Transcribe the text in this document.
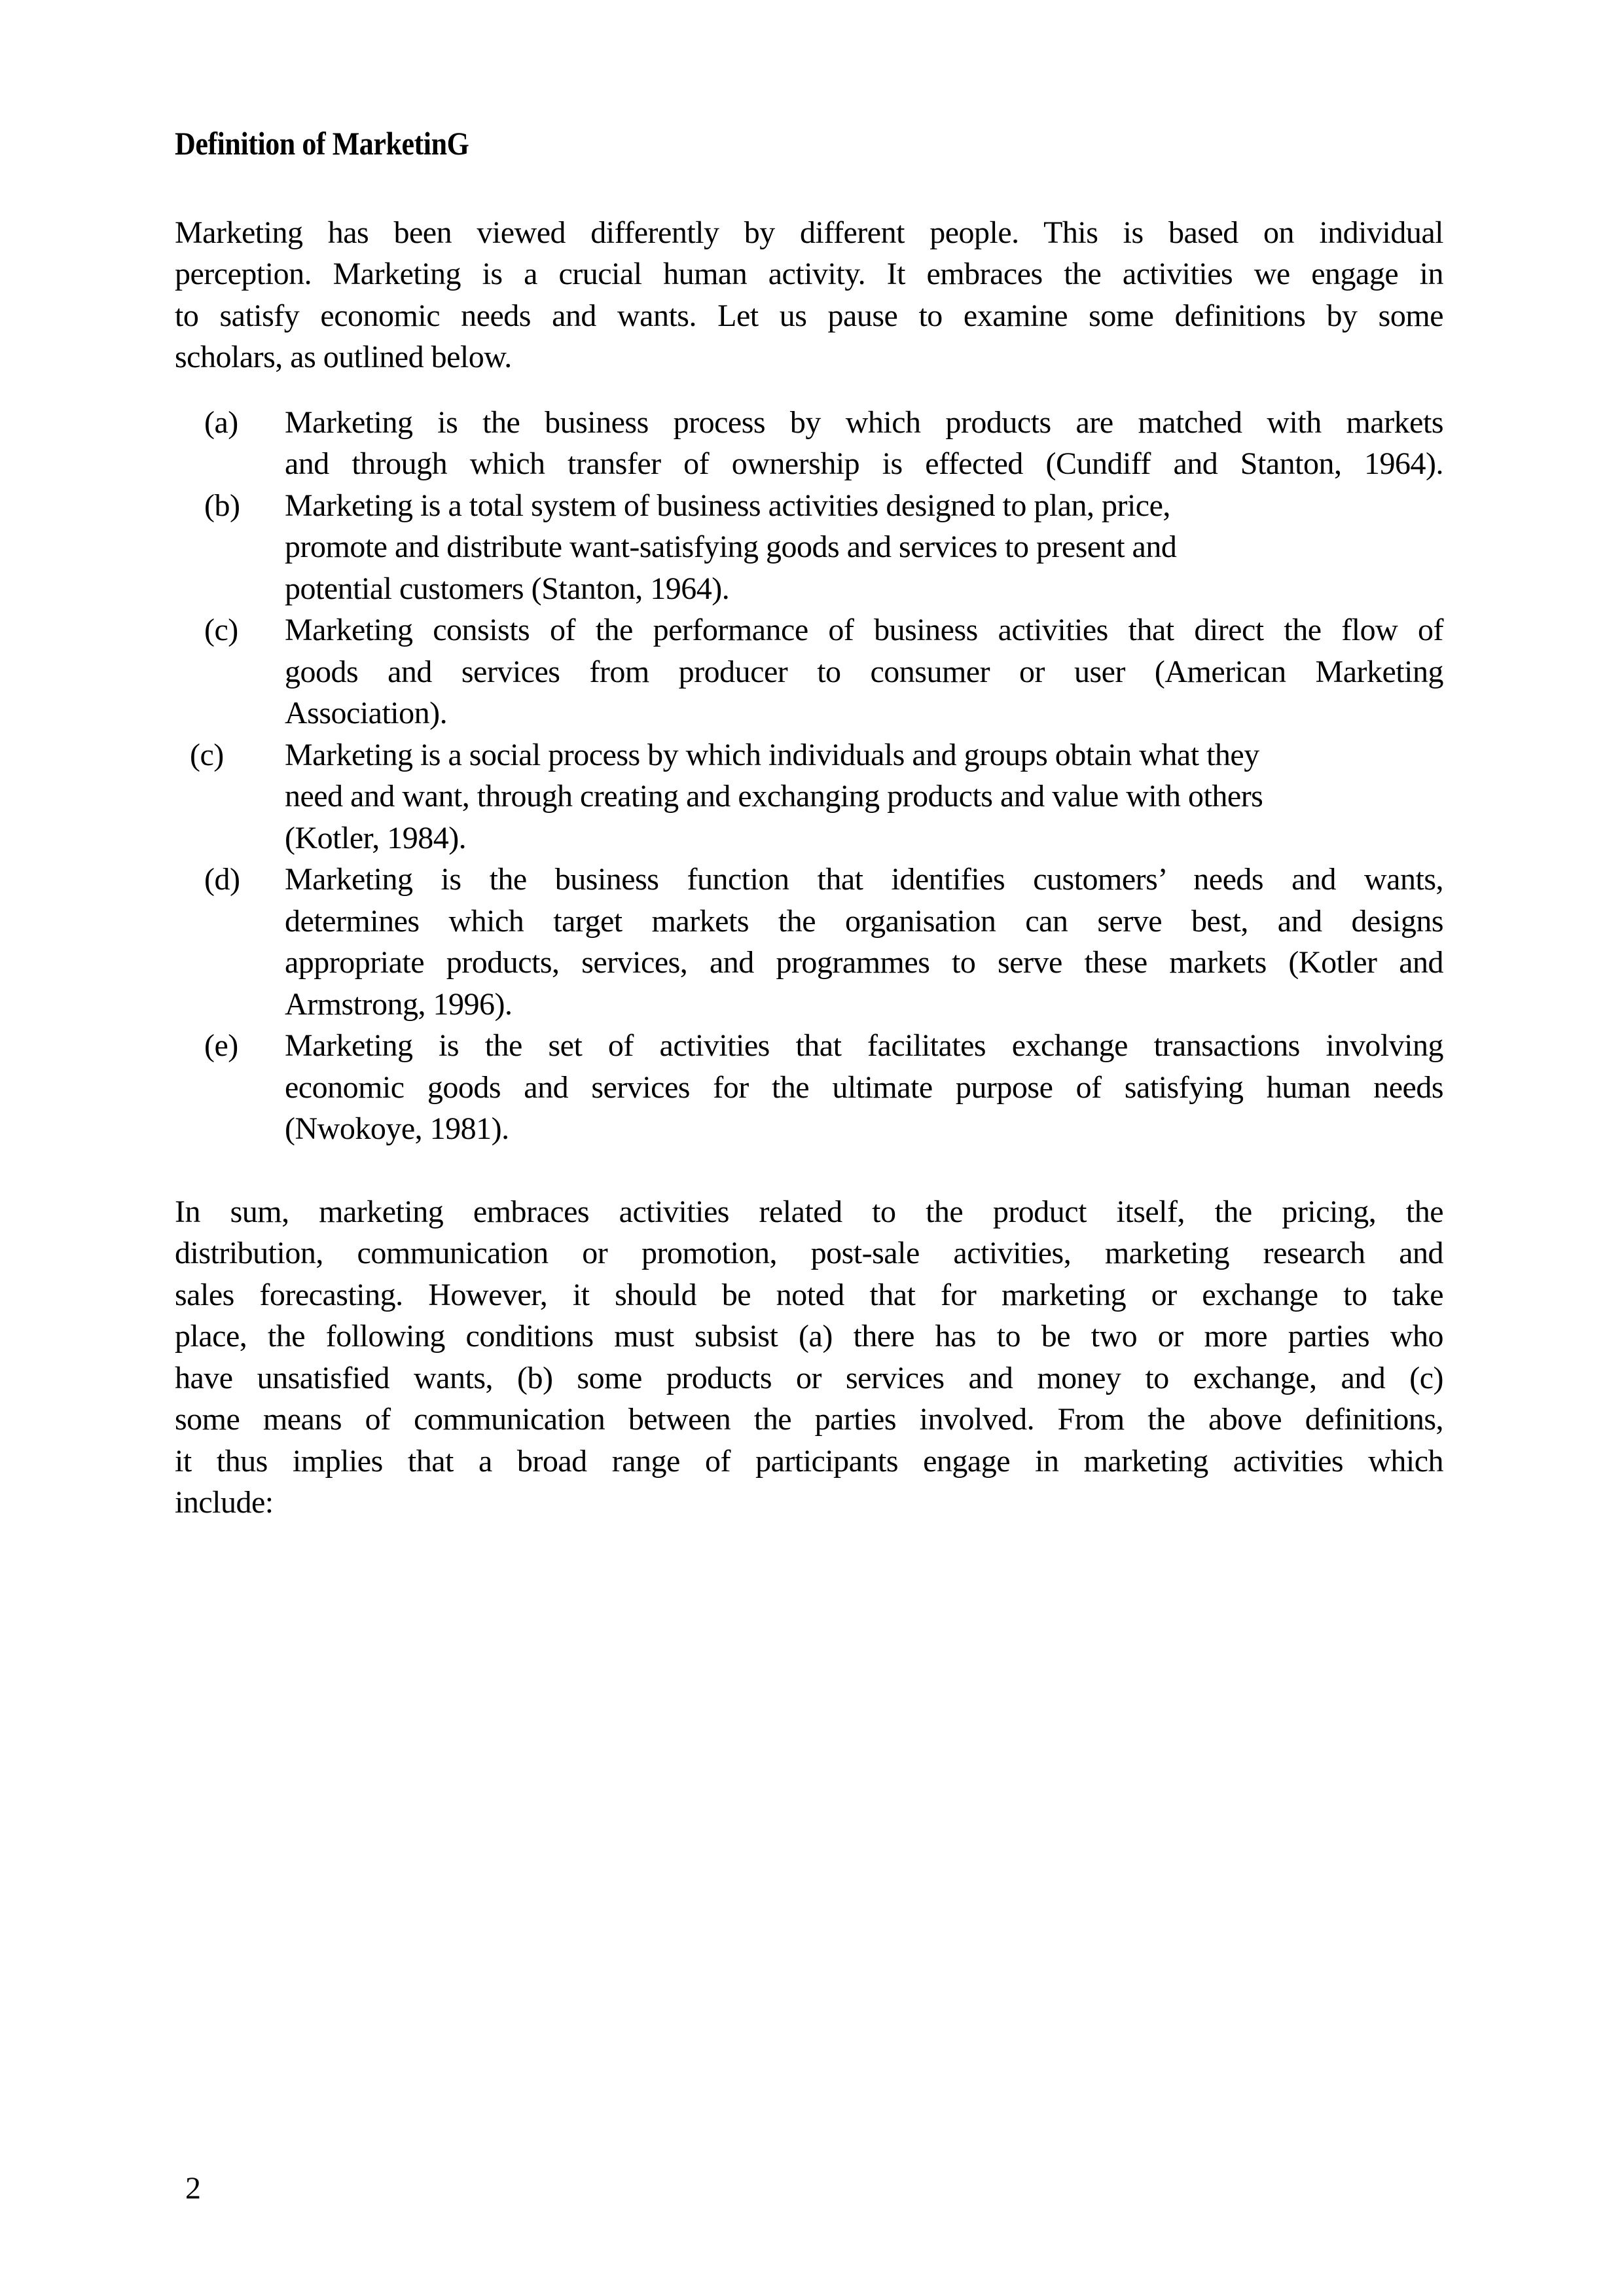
Definition of MarketinG
Marketing has been viewed differently by different people. This is based on individual
perception. Marketing is a crucial human activity. It embraces the activities we engage in
to satisfy economic needs and wants. Let us pause to examine some definitions by some
scholars, as outlined below.
(a)	Marketing is the business process by which products are matched with markets
and through which transfer of ownership is effected (Cundiff and Stanton, 1964).
(b)	Marketing is a total system of business activities designed to plan, price,
promote and distribute want-satisfying goods and services to present and
potential customers (Stanton, 1964).
(c)	Marketing consists of the performance of business activities that direct the flow of
goods and services from producer to consumer or user (American Marketing
Association).
(c)	Marketing is a social process by which individuals and groups obtain what they
need and want, through creating and exchanging products and value with others
(Kotler, 1984).
(d)	Marketing is the business function that identifies customers’ needs and wants,
determines which target markets the organisation can serve best, and designs
appropriate products, services, and programmes to serve these markets (Kotler and
Armstrong, 1996).
(e)	Marketing is the set of activities that facilitates exchange transactions involving
economic goods and services for the ultimate purpose of satisfying human needs
(Nwokoye, 1981).
In sum, marketing embraces activities related to the product itself, the pricing, the
distribution, communication or promotion, post-sale activities, marketing research and
sales forecasting. However, it should be noted that for marketing or exchange to take
place, the following conditions must subsist (a) there has to be two or more parties who
have unsatisfied wants, (b) some products or services and money to exchange, and (c)
some means of communication between the parties involved. From the above definitions,
it thus implies that a broad range of participants engage in marketing activities which
include:
2
